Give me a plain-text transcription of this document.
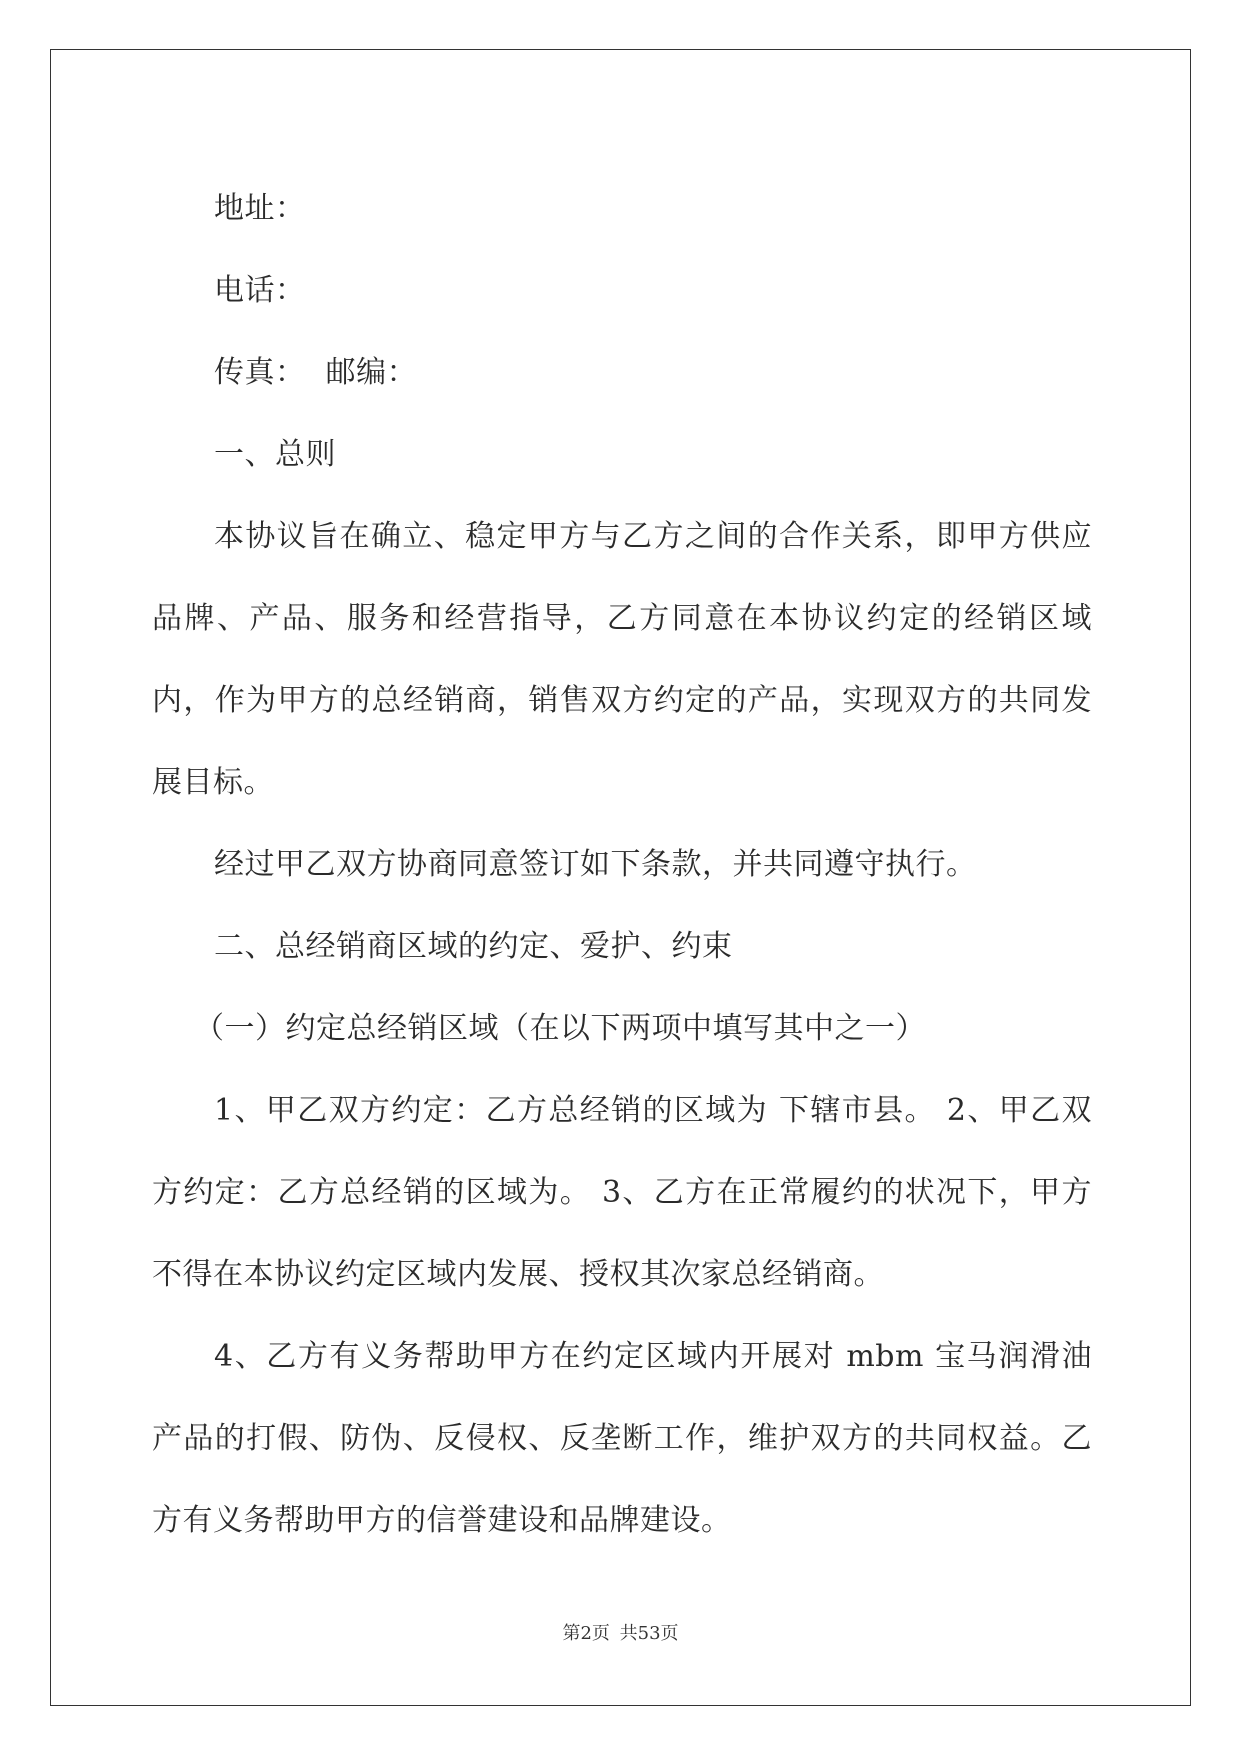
地址：

电话：

传真：  邮编：

一、总则

本协议旨在确立、稳定甲方与乙方之间的合作关系，即甲方供应品牌、产品、服务和经营指导，乙方同意在本协议约定的经销区域内，作为甲方的总经销商，销售双方约定的产品，实现双方的共同发展目标。

经过甲乙双方协商同意签订如下条款，并共同遵守执行。

二、总经销商区域的约定、爱护、约束

（一）约定总经销区域（在以下两项中填写其中之一）

1、甲乙双方约定：乙方总经销的区域为 下辖市县。 2、甲乙双方约定：乙方总经销的区域为。 3、乙方在正常履约的状况下，甲方不得在本协议约定区域内发展、授权其次家总经销商。

4、乙方有义务帮助甲方在约定区域内开展对 mbm 宝马润滑油产品的打假、防伪、反侵权、反垄断工作，维护双方的共同权益。乙方有义务帮助甲方的信誉建设和品牌建设。

第2页 共53页
